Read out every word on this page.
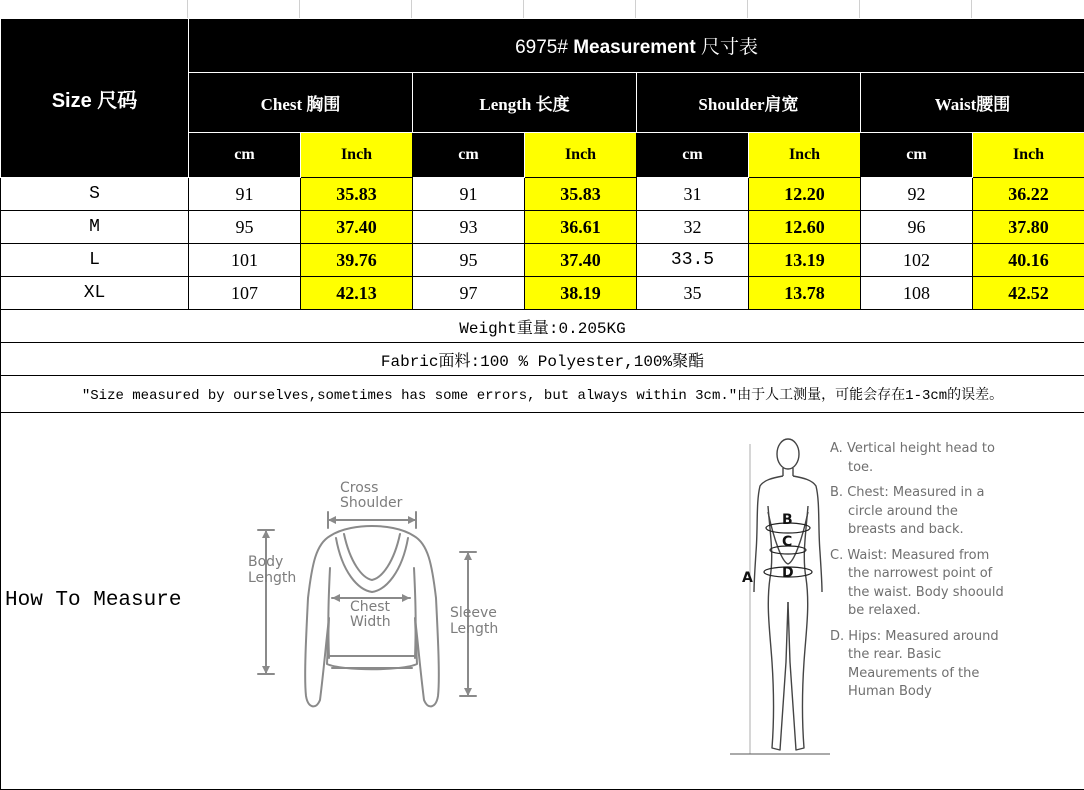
Size 尺码	6975# Measurement 尺寸表							
	Chest 胸围		Length 长度		Shoulder肩宽		Waist腰围	
	cm	Inch	cm	Inch	cm	Inch	cm	Inch
S	91	35.83	91	35.83	31	12.20	92	36.22
M	95	37.40	93	36.61	32	12.60	96	37.80
L	101	39.76	95	37.40	33.5	13.19	102	40.16
XL	107	42.13	97	38.19	35	13.78	108	42.52
Weight重量:0.205KG								
Fabric面料:100 % Polyester,100%聚酯								
"Size measured by ourselves,sometimes has some errors, but always within 3cm."由于人工测量，可能会存在1-3cm的误差。								

How To Measure
Cross
Shoulder
Body
Length
Chest
Width
Sleeve
Length
B
C
D
A
A. Vertical height head to toe.
B. Chest: Measured in a circle around the breasts and back.
C. Waist: Measured from the narrowest point of the waist. Body shoould be relaxed.
D. Hips: Measured around the rear. Basic Meaurements of the Human Body
